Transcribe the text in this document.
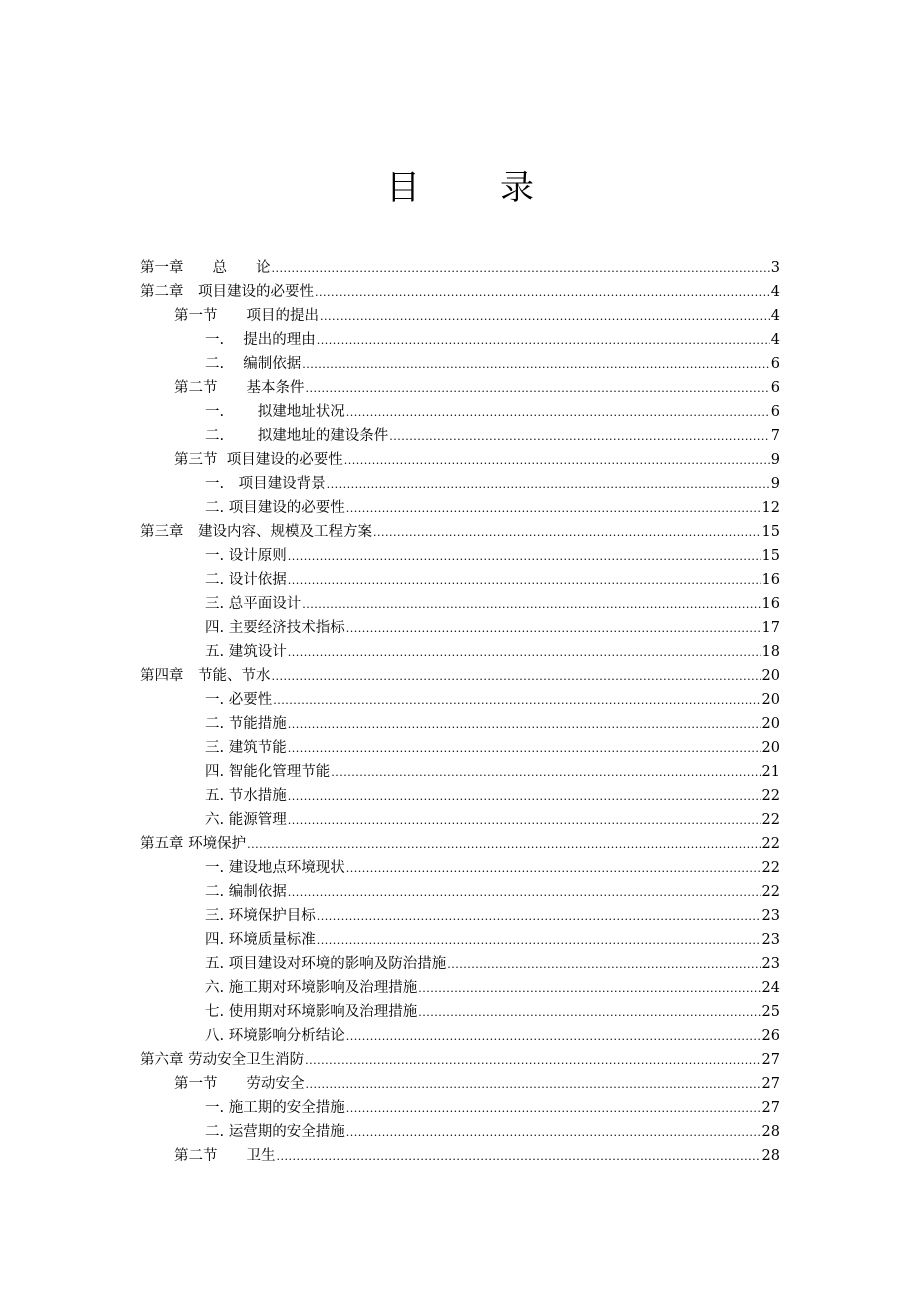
目 录
第一章　　总　　论 .....	3
第二章　项目建设的必要性 .....	4
第一节　　项目的提出 .....	4
一.　 提出的理由 .....	4
二.　 编制依据 .....	6
第二节　　基本条件 .....	6
一.　　 拟建地址状况 .....	6
二.　　 拟建地址的建设条件 .....	7
第三节  项目建设的必要性 .....	9
一.　项目建设背景 .....	9
二. 项目建设的必要性 .....	12
第三章　建设内容、规模及工程方案 .....	15
一. 设计原则 .....	15
二. 设计依据 .....	16
三. 总平面设计 .....	16
四. 主要经济技术指标 .....	17
五. 建筑设计 .....	18
第四章　节能、节水 .....	20
一. 必要性 .....	20
二. 节能措施 .....	20
三. 建筑节能 .....	20
四. 智能化管理节能 .....	21
五. 节水措施 .....	22
六. 能源管理 .....	22
第五章 环境保护 .....	22
一. 建设地点环境现状 .....	22
二. 编制依据 .....	22
三. 环境保护目标 .....	23
四. 环境质量标准 .....	23
五. 项目建设对环境的影响及防治措施 .....	23
六. 施工期对环境影响及治理措施 .....	24
七. 使用期对环境影响及治理措施 .....	25
八. 环境影响分析结论 .....	26
第六章 劳动安全卫生消防 .....	27
第一节　　劳动安全 .....	27
一. 施工期的安全措施 .....	27
二. 运营期的安全措施 .....	28
第二节　　卫生 .....	28
